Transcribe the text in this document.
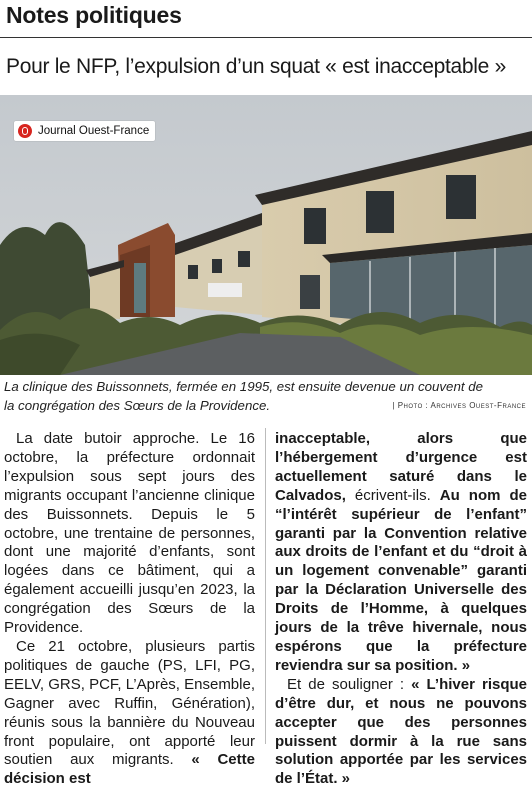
Notes politiques
Pour le NFP, l’expulsion d’un squat « est inacceptable »
Journal Ouest-France
La clinique des Buissonnets, fermée en 1995, est ensuite devenue un couvent de
la congrégation des Sœurs de la Providence.	| Photo : Archives Ouest-France

La date butoir approche. Le 16 octobre, la préfecture ordonnait l’expulsion sous sept jours des migrants occupant l’ancienne clinique des Buissonnets. Depuis le 5 octobre, une trentaine de personnes, dont une majorité d’enfants, sont logées dans ce bâtiment, qui a également accueilli jusqu’en 2023, la congrégation des Sœurs de la Providence.

Ce 21 octobre, plusieurs partis politiques de gauche (PS, LFI, PG, EELV, GRS, PCF, L’Après, Ensemble, Gagner avec Ruffin, Génération), réunis sous la bannière du Nouveau front populaire, ont apporté leur soutien aux migrants. « Cette décision est

inacceptable, alors que l’hébergement d’urgence est actuellement saturé dans le Calvados, écrivent-ils. Au nom de “l’intérêt supérieur de l’enfant” garanti par la Convention relative aux droits de l’enfant et du “droit à un logement convenable” garanti par la Déclaration Universelle des Droits de l’Homme, à quelques jours de la trêve hivernale, nous espérons que la préfecture reviendra sur sa position. »

Et de souligner : « L’hiver risque d’être dur, et nous ne pouvons accepter que des personnes puissent dormir à la rue sans solution apportée par les services de l’État. »
